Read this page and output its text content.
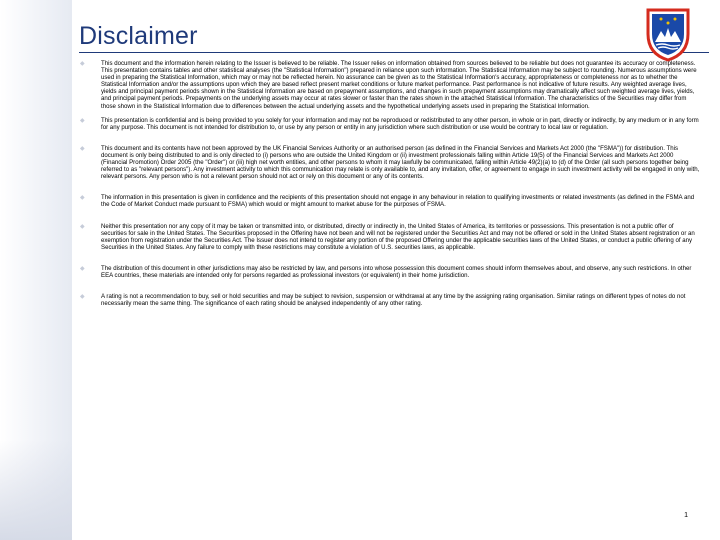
Disclaimer
◆	This document and the information herein relating to the Issuer is believed to be reliable. The Issuer relies on information obtained from sources believed to be reliable but does not guarantee its accuracy or completeness. This presentation contains tables and other statistical analyses (the "Statistical Information") prepared in reliance upon such information. The Statistical Information may be subject to rounding. Numerous assumptions were used in preparing the Statistical Information, which may or may not be reflected herein. No assurance can be given as to the Statistical Information's accuracy, appropriateness or completeness nor as to whether the Statistical Information and/or the assumptions upon which they are based reflect present market conditions or future market performance. Past performance is not indicative of future results. Any weighted average lives, yields and principal payment periods shown in the Statistical Information are based on prepayment assumptions, and changes in such prepayment assumptions may dramatically affect such weighted average lives, yields, and principal payment periods. Prepayments on the underlying assets may occur at rates slower or faster than the rates shown in the attached Statistical Information. The characteristics of the Securities may differ from those shown in the Statistical Information due to differences between the actual underlying assets and the hypothetical underlying assets used in preparing the Statistical Information.
◆	This presentation is confidential and is being provided to you solely for your information and may not be reproduced or redistributed to any other person, in whole or in part, directly or indirectly, by any medium or in any form for any purpose. This document is not intended for distribution to, or use by any person or entity in any jurisdiction where such distribution or use would be contrary to local law or regulation.
◆	This document and its contents have not been approved by the UK Financial Services Authority or an authorised person (as defined in the Financial Services and Markets Act 2000 (the "FSMA")) for distribution. This document is only being distributed to and is only directed to (i) persons who are outside the United Kingdom or (ii) investment professionals falling within Article 19(5) of the Financial Services and Markets Act 2000 (Financial Promotion) Order 2005 (the "Order") or (iii) high net worth entities, and other persons to whom it may lawfully be communicated, falling within Article 49(2)(a) to (d) of the Order (all such persons together being referred to as "relevant persons"). Any investment activity to which this communication may relate is only available to, and any invitation, offer, or agreement to engage in such investment activity will be engaged in only with, relevant persons. Any person who is not a relevant person should not act or rely on this document or any of its contents.
◆	The information in this presentation is given in confidence and the recipients of this presentation should not engage in any behaviour in relation to qualifying investments or related investments (as defined in the FSMA and the Code of Market Conduct made pursuant to FSMA) which would or might amount to market abuse for the purposes of FSMA.
◆	Neither this presentation nor any copy of it may be taken or transmitted into, or distributed, directly or indirectly in, the United States of America, its territories or possessions. This presentation is not a public offer of securities for sale in the United States. The Securities proposed in the Offering have not been and will not be registered under the Securities Act and may not be offered or sold in the United States absent registration or an exemption from registration under the Securities Act. The Issuer does not intend to register any portion of the proposed Offering under the applicable securities laws of the United States, or conduct a public offering of any Securities in the United States. Any failure to comply with these restrictions may constitute a violation of U.S. securities laws, as applicable.
◆	The distribution of this document in other jurisdictions may also be restricted by law, and persons into whose possession this document comes should inform themselves about, and observe, any such restrictions. In other EEA countries, these materials are intended only for persons regarded as professional investors (or equivalent) in their home jurisdiction.
◆	A rating is not a recommendation to buy, sell or hold securities and may be subject to revision, suspension or withdrawal at any time by the assigning rating organisation. Similar ratings on different types of notes do not necessarily mean the same thing. The significance of each rating should be analysed independently of any other rating.
1
